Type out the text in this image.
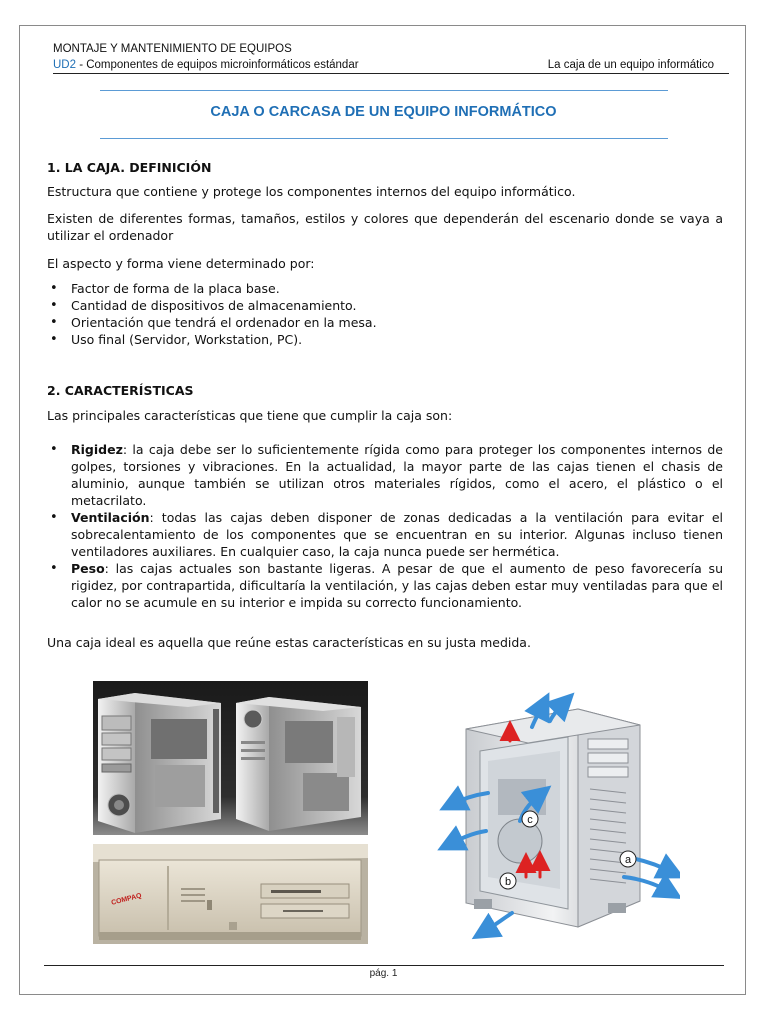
MONTAJE Y MANTENIMIENTO DE EQUIPOS
UD2 - Componentes de equipos microinformáticos estándar	La caja de un equipo informático
CAJA O CARCASA DE UN EQUIPO INFORMÁTICO
1. LA CAJA. DEFINICIÓN

Estructura que contiene y protege los componentes internos del equipo informático.

Existen de diferentes formas, tamaños, estilos y colores que dependerán del escenario donde se vaya a utilizar el ordenador

El aspecto y forma viene determinado por:

• Factor de forma de la placa base.
• Cantidad de dispositivos de almacenamiento.
• Orientación que tendrá el ordenador en la mesa.
• Uso final (Servidor, Workstation, PC).
2. CARACTERÍSTICAS

Las principales características que tiene que cumplir la caja son:

• Rigidez: la caja debe ser lo suficientemente rígida como para proteger los componentes internos de golpes, torsiones y vibraciones. En la actualidad, la mayor parte de las cajas tienen el chasis de aluminio, aunque también se utilizan otros materiales rígidos, como el acero, el plástico o el metacrilato.
• Ventilación: todas las cajas deben disponer de zonas dedicadas a la ventilación para evitar el sobrecalentamiento de los componentes que se encuentran en su interior. Algunas incluso tienen ventiladores auxiliares. En cualquier caso, la caja nunca puede ser hermética.
• Peso: las cajas actuales son bastante ligeras. A pesar de que el aumento de peso favorecería su rigidez, por contrapartida, dificultaría la ventilación, y las cajas deben estar muy ventiladas para que el calor no se acumule en su interior e impida su correcto funcionamiento.

Una caja ideal es aquella que reúne estas características en su justa medida.

COMPAQ
c
b
a
pág. 1
